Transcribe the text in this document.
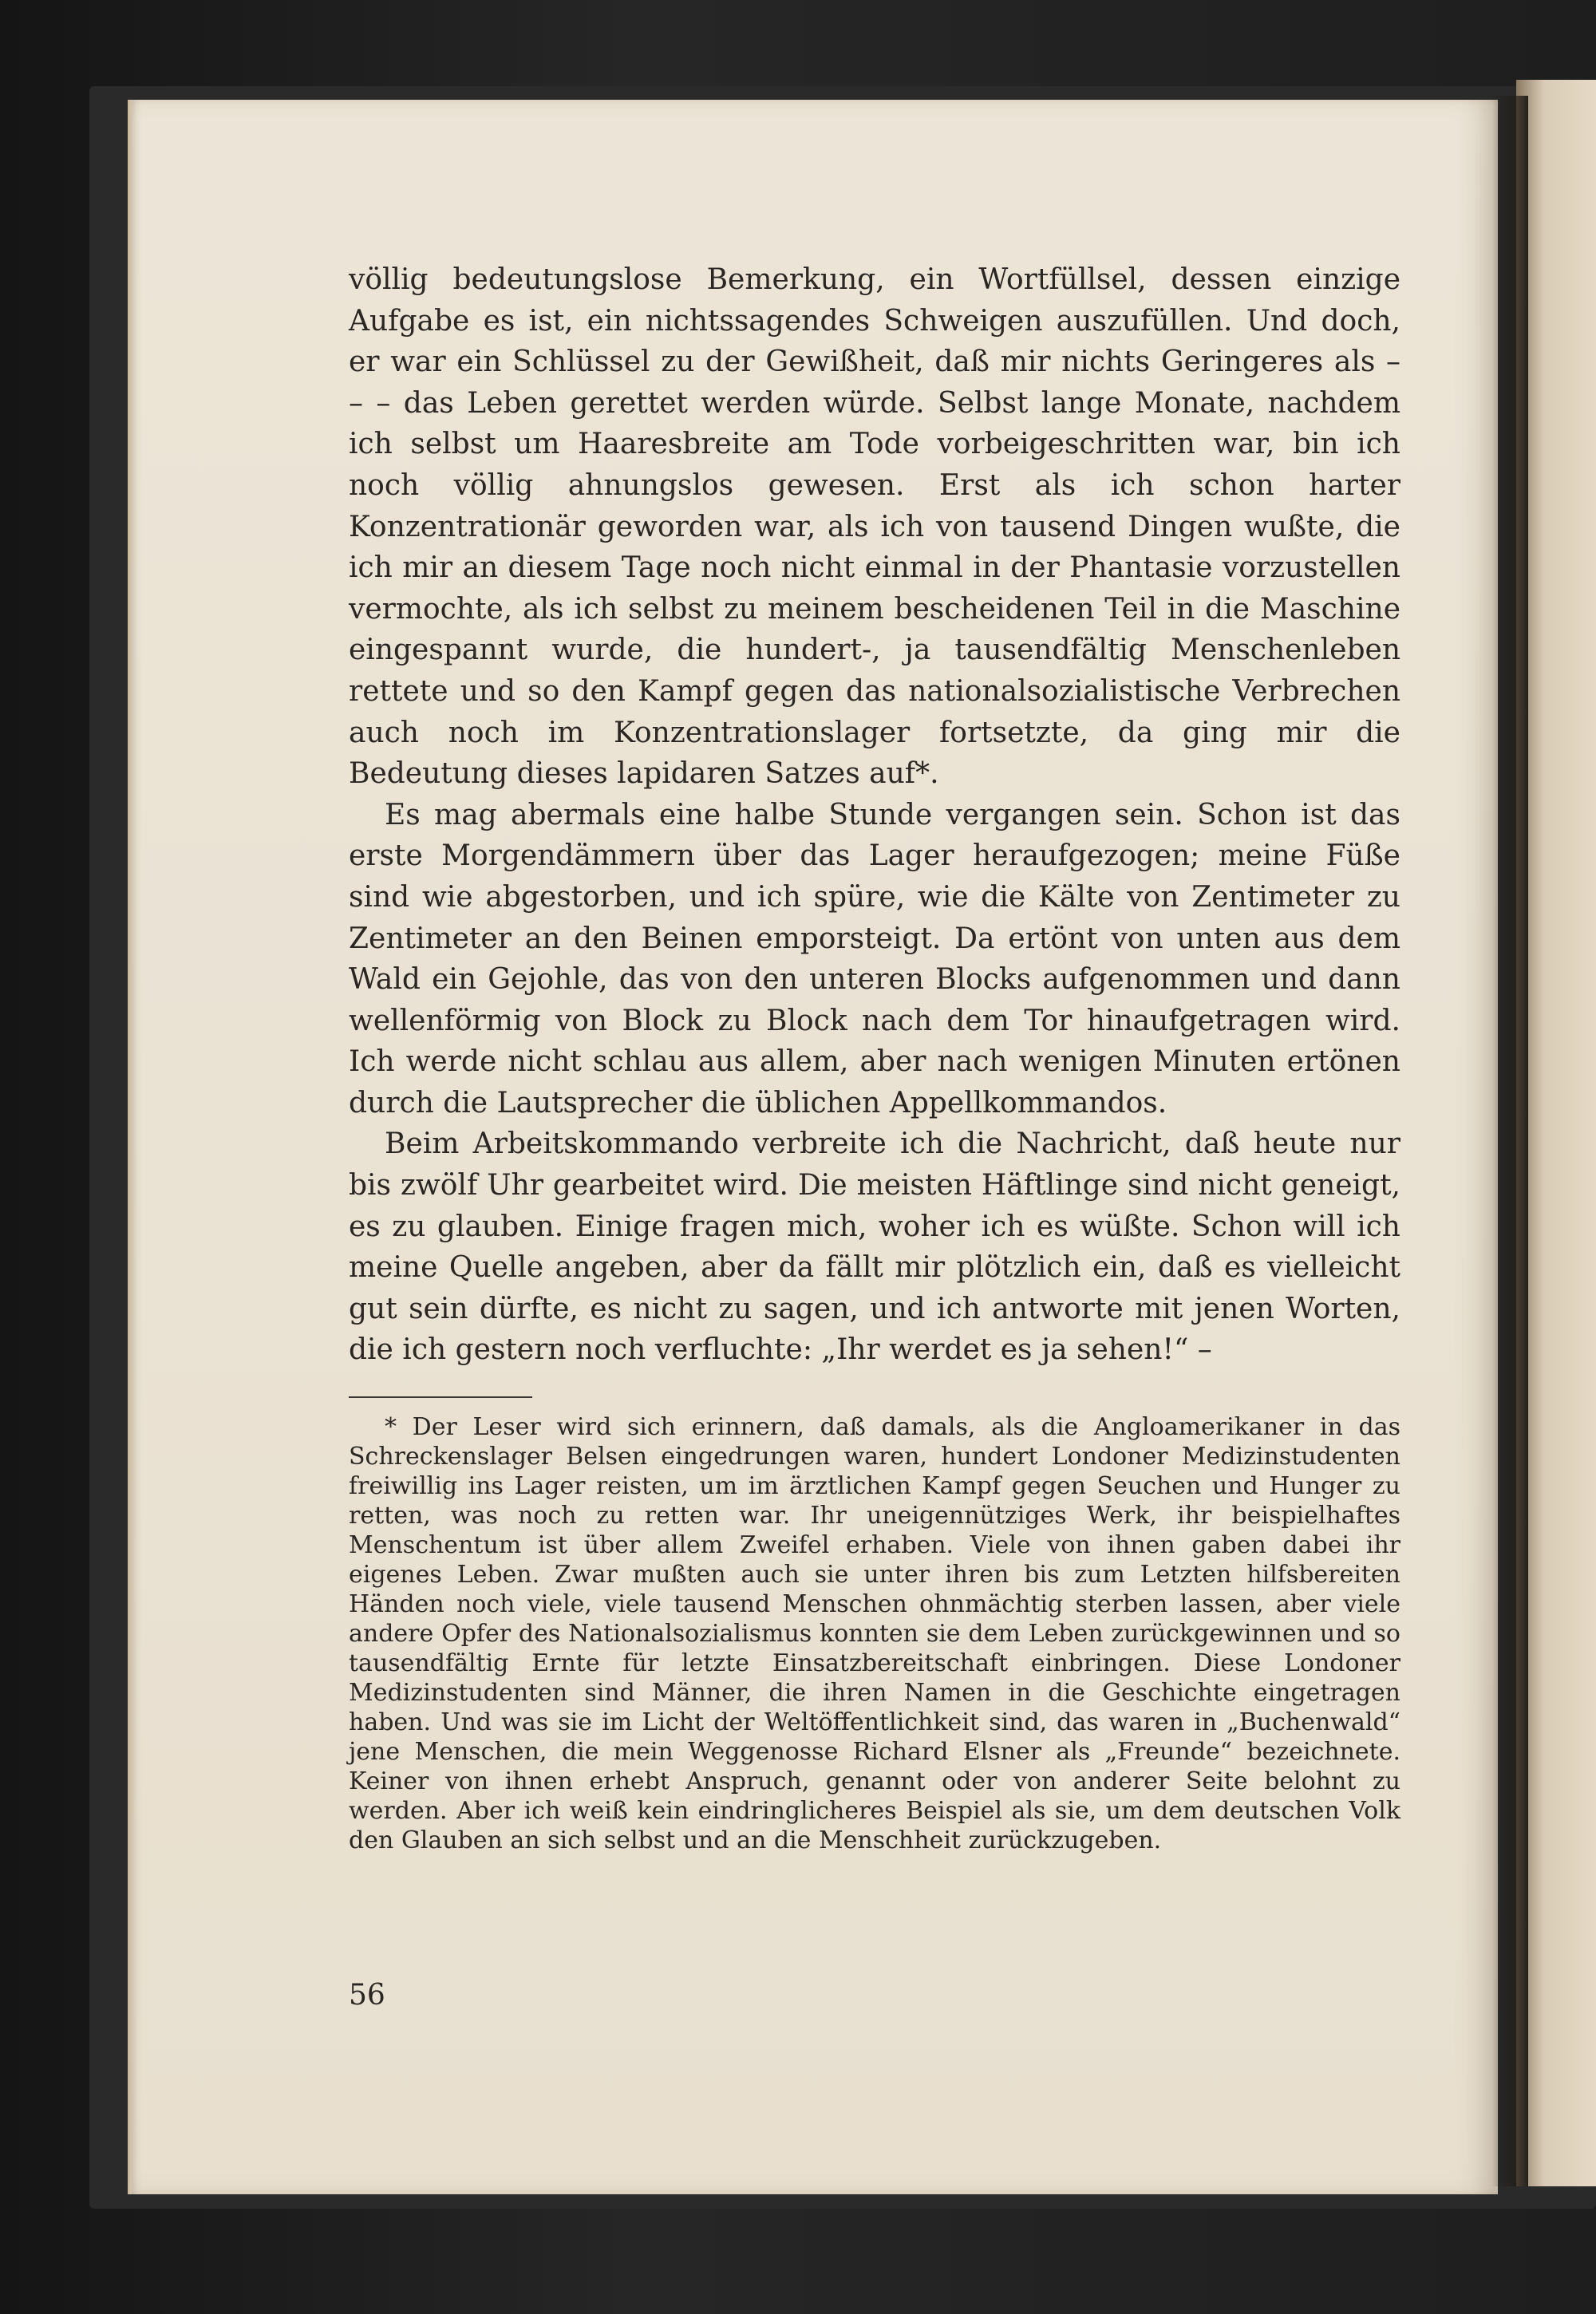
völlig bedeutungslose Bemerkung, ein Wortfüllsel, dessen einzige Aufgabe es ist, ein nichtssagendes Schweigen auszufüllen. Und doch, er war ein Schlüssel zu der Gewißheit, daß mir nichts Geringeres als – – – das Leben gerettet werden würde. Selbst lange Monate, nachdem ich selbst um Haaresbreite am Tode vorbeigeschritten war, bin ich noch völlig ahnungslos gewesen. Erst als ich schon harter Konzentrationär geworden war, als ich von tausend Dingen wußte, die ich mir an diesem Tage noch nicht einmal in der Phantasie vorzustellen vermochte, als ich selbst zu meinem bescheidenen Teil in die Maschine eingespannt wurde, die hundert-, ja tausendfältig Menschenleben rettete und so den Kampf gegen das nationalsozialistische Verbrechen auch noch im Konzentrationslager fortsetzte, da ging mir die Bedeutung dieses lapidaren Satzes auf*.

Es mag abermals eine halbe Stunde vergangen sein. Schon ist das erste Morgendämmern über das Lager heraufgezogen; meine Füße sind wie abgestorben, und ich spüre, wie die Kälte von Zentimeter zu Zentimeter an den Beinen emporsteigt. Da ertönt von unten aus dem Wald ein Gejohle, das von den unteren Blocks aufgenommen und dann wellenförmig von Block zu Block nach dem Tor hinaufgetragen wird. Ich werde nicht schlau aus allem, aber nach wenigen Minuten ertönen durch die Lautsprecher die üblichen Appellkommandos.

Beim Arbeitskommando verbreite ich die Nachricht, daß heute nur bis zwölf Uhr gearbeitet wird. Die meisten Häftlinge sind nicht geneigt, es zu glauben. Einige fragen mich, woher ich es wüßte. Schon will ich meine Quelle angeben, aber da fällt mir plötzlich ein, daß es vielleicht gut sein dürfte, es nicht zu sagen, und ich antworte mit jenen Worten, die ich gestern noch verfluchte: „Ihr werdet es ja sehen!“ –

* Der Leser wird sich erinnern, daß damals, als die Angloamerikaner in das Schreckenslager Belsen eingedrungen waren, hundert Londoner Medizinstudenten freiwillig ins Lager reisten, um im ärztlichen Kampf gegen Seuchen und Hunger zu retten, was noch zu retten war. Ihr uneigennütziges Werk, ihr beispielhaftes Menschentum ist über allem Zweifel erhaben. Viele von ihnen gaben dabei ihr eigenes Leben. Zwar mußten auch sie unter ihren bis zum Letzten hilfsbereiten Händen noch viele, viele tausend Menschen ohnmächtig sterben lassen, aber viele andere Opfer des Nationalsozialismus konnten sie dem Leben zurückgewinnen und so tausendfältig Ernte für letzte Einsatzbereitschaft einbringen. Diese Londoner Medizinstudenten sind Männer, die ihren Namen in die Geschichte eingetragen haben. Und was sie im Licht der Weltöffentlichkeit sind, das waren in „Buchenwald“ jene Menschen, die mein Weggenosse Richard Elsner als „Freunde“ bezeichnete. Keiner von ihnen erhebt Anspruch, genannt oder von anderer Seite belohnt zu werden. Aber ich weiß kein eindringlicheres Beispiel als sie, um dem deutschen Volk den Glauben an sich selbst und an die Menschheit zurückzugeben.

56
